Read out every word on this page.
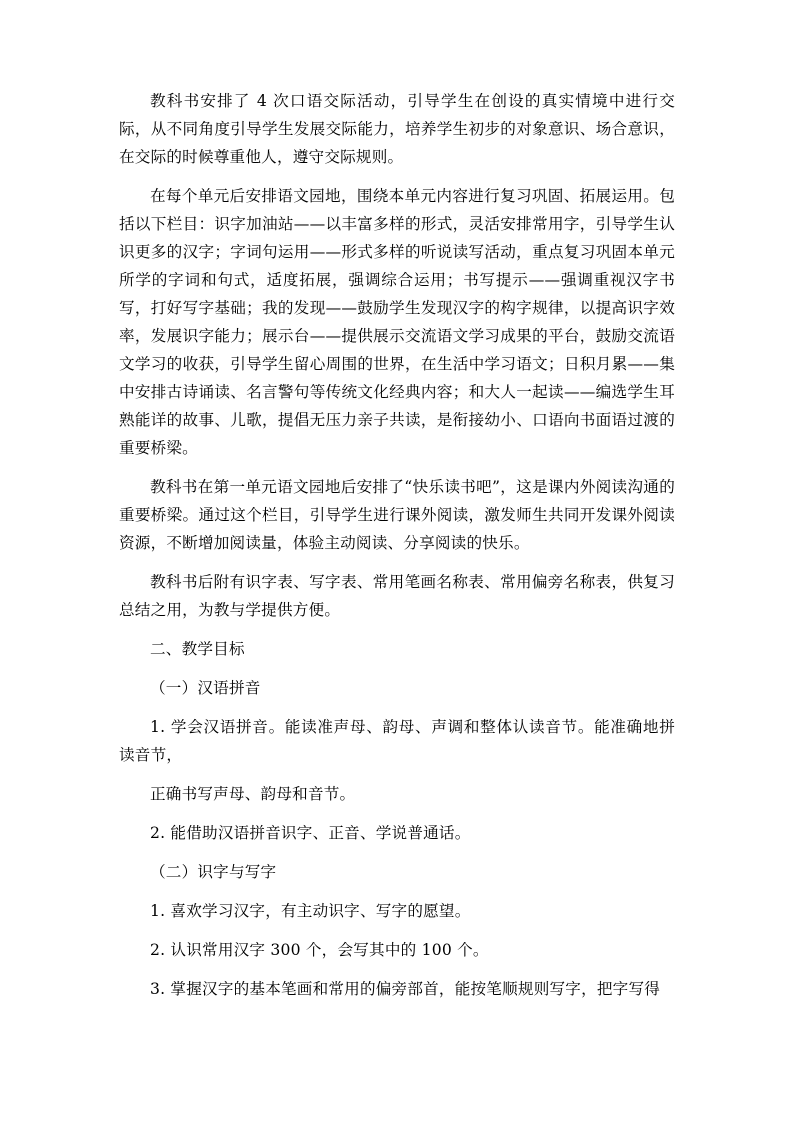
教科书安排了 4 次口语交际活动，引导学生在创设的真实情境中进行交际，从不同角度引导学生发展交际能力，培养学生初步的对象意识、场合意识，在交际的时候尊重他人，遵守交际规则。

在每个单元后安排语文园地，围绕本单元内容进行复习巩固、拓展运用。包括以下栏目：识字加油站——以丰富多样的形式，灵活安排常用字，引导学生认识更多的汉字；字词句运用——形式多样的听说读写活动，重点复习巩固本单元所学的字词和句式，适度拓展，强调综合运用；书写提示——强调重视汉字书写，打好写字基础；我的发现——鼓励学生发现汉字的构字规律，以提高识字效率，发展识字能力；展示台——提供展示交流语文学习成果的平台，鼓励交流语文学习的收获，引导学生留心周围的世界，在生活中学习语文；日积月累——集中安排古诗诵读、名言警句等传统文化经典内容；和大人一起读——编选学生耳熟能详的故事、儿歌，提倡无压力亲子共读，是衔接幼小、口语向书面语过渡的重要桥梁。

教科书在第一单元语文园地后安排了“快乐读书吧”，这是课内外阅读沟通的重要桥梁。通过这个栏目，引导学生进行课外阅读，激发师生共同开发课外阅读资源，不断增加阅读量，体验主动阅读、分享阅读的快乐。

教科书后附有识字表、写字表、常用笔画名称表、常用偏旁名称表，供复习总结之用，为教与学提供方便。

二、教学目标

（一）汉语拼音

1. 学会汉语拼音。能读准声母、韵母、声调和整体认读音节。能准确地拼读音节，

正确书写声母、韵母和音节。

2. 能借助汉语拼音识字、正音、学说普通话。

（二）识字与写字

1. 喜欢学习汉字，有主动识字、写字的愿望。

2. 认识常用汉字 300 个，会写其中的 100 个。

3. 掌握汉字的基本笔画和常用的偏旁部首，能按笔顺规则写字，把字写得
